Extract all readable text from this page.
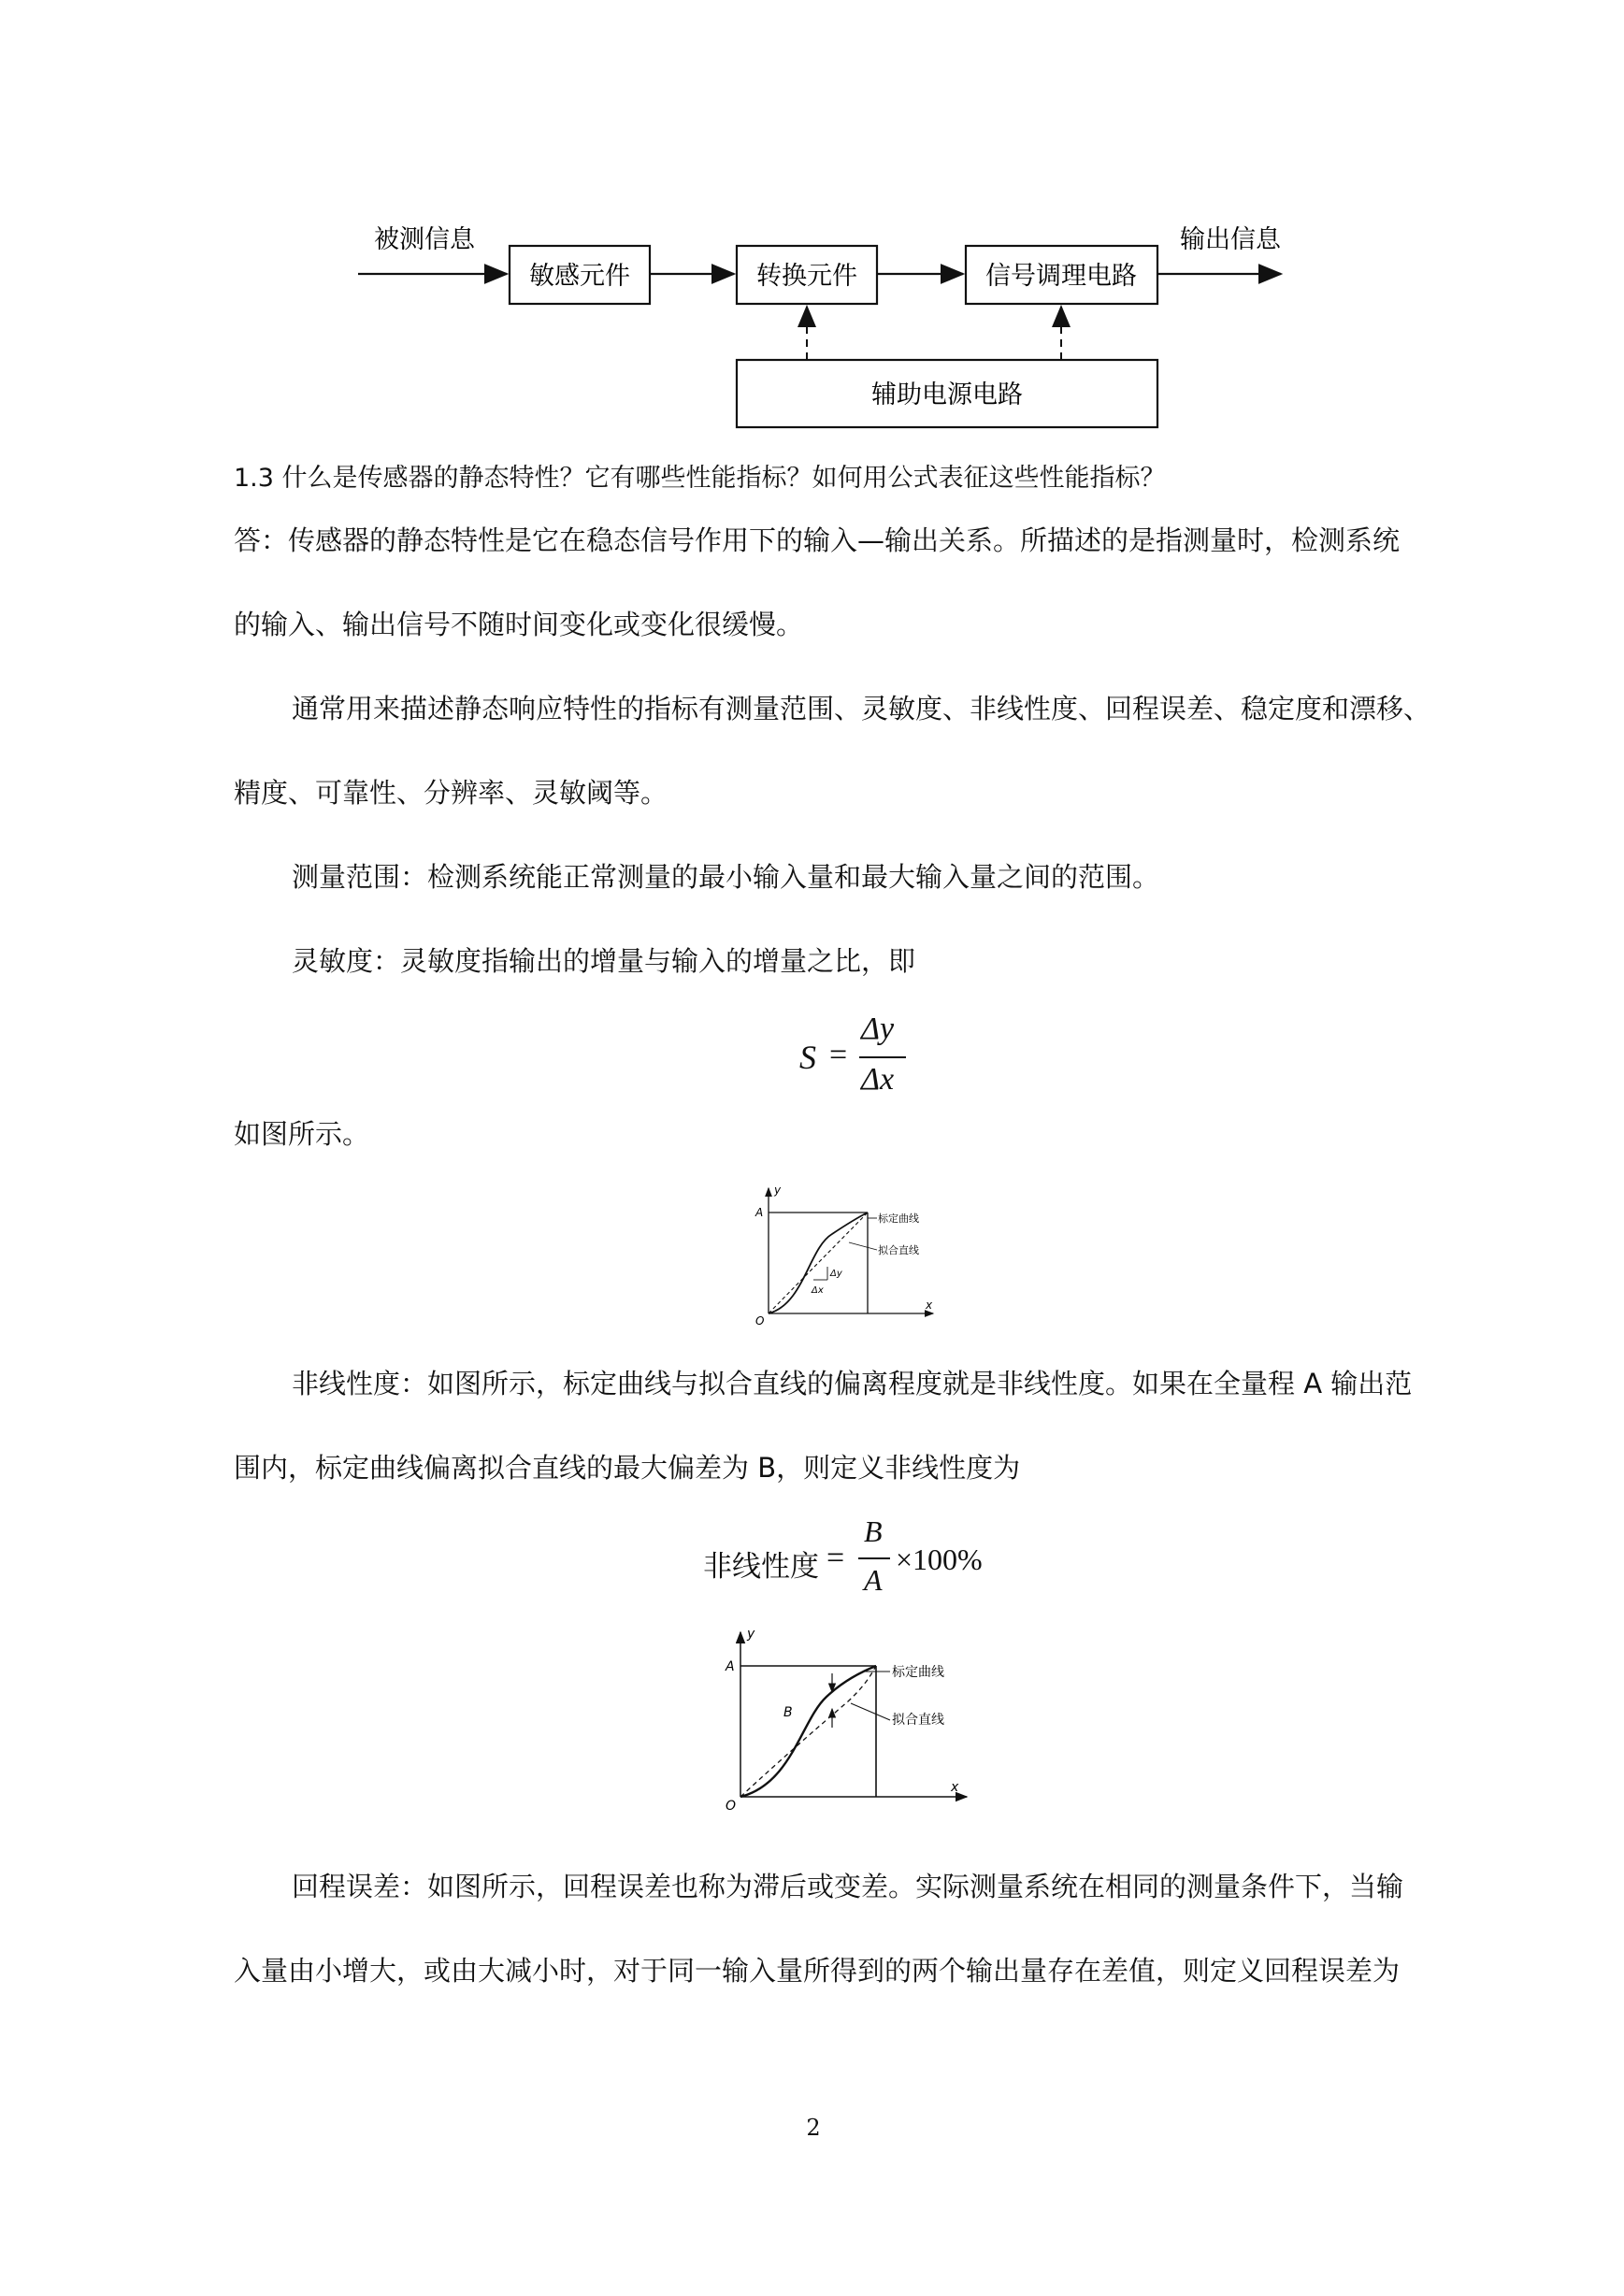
被测信息
敏感元件	转换元件	信号调理电路
输出信息
辅助电源电路
1.3 什么是传感器的静态特性？它有哪些性能指标？如何用公式表征这些性能指标？
答：传感器的静态特性是它在稳态信号作用下的输入—输出关系。所描述的是指测量时，检测系统
的输入、输出信号不随时间变化或变化很缓慢。
通常用来描述静态响应特性的指标有测量范围、灵敏度、非线性度、回程误差、稳定度和漂移、
精度、可靠性、分辨率、灵敏阈等。
测量范围：检测系统能正常测量的最小输入量和最大输入量之间的范围。
灵敏度：灵敏度指输出的增量与输入的增量之比，即
S =
Δy
Δx
如图所示。
y
x
O
A
Δx
Δy
标定曲线
拟合直线
非线性度：如图所示，标定曲线与拟合直线的偏离程度就是非线性度。如果在全量程 A 输出范
围内，标定曲线偏离拟合直线的最大偏差为 B，则定义非线性度为
非线性度 =
B
A
×100%
y
x
O
A
B
标定曲线
拟合直线
回程误差：如图所示，回程误差也称为滞后或变差。实际测量系统在相同的测量条件下，当输
入量由小增大，或由大减小时，对于同一输入量所得到的两个输出量存在差值，则定义回程误差为
2
